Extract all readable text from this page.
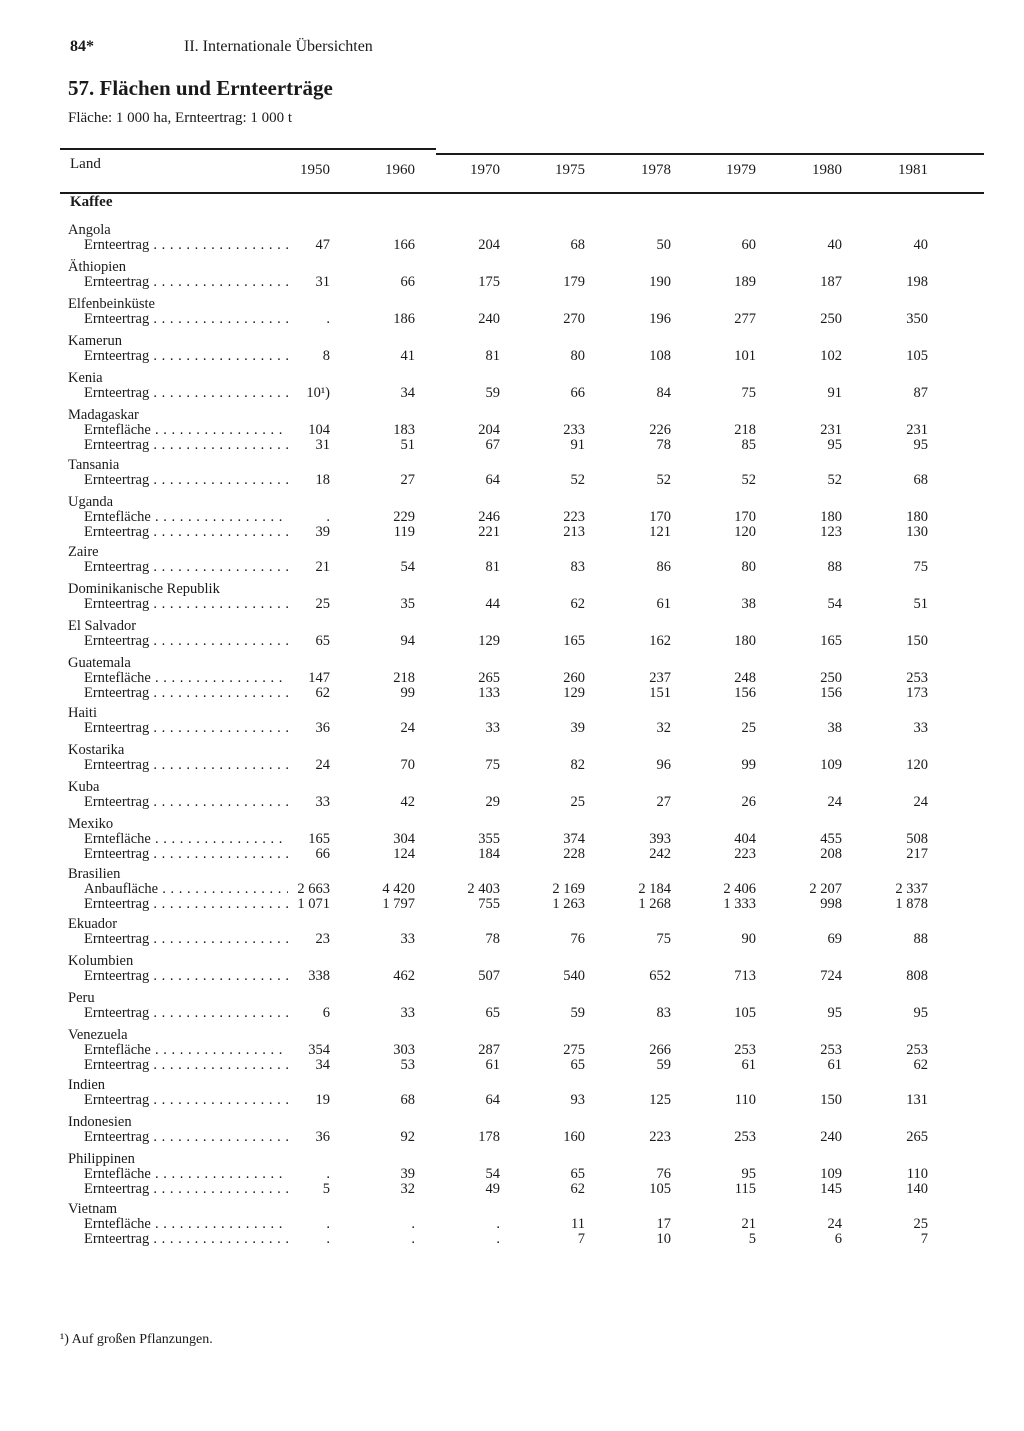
84*	II. Internationale Übersichten
57. Flächen und Ernteerträge
Fläche: 1 000 ha, Ernteertrag: 1 000 t
Land	1950	1960	1970	1975	1978	1979	1980	1981
Kaffee
Angola
Ernteertrag . . .	47	166	204	68	50	60	40	40
Äthiopien
Ernteertrag . . .	31	66	175	179	190	189	187	198
Elfenbeinküste
Ernteertrag . . .	.	186	240	270	196	277	250	350
Kamerun
Ernteertrag . . .	8	41	81	80	108	101	102	105
Kenia
Ernteertrag . . .	10¹)	34	59	66	84	75	91	87
Madagaskar
Erntefläche . . .	104	183	204	233	226	218	231	231
Ernteertrag . . .	31	51	67	91	78	85	95	95
Tansania
Ernteertrag . . .	18	27	64	52	52	52	52	68
Uganda
Erntefläche . . .	.	229	246	223	170	170	180	180
Ernteertrag . . .	39	119	221	213	121	120	123	130
Zaire
Ernteertrag . . .	21	54	81	83	86	80	88	75
Dominikanische Republik
Ernteertrag . . .	25	35	44	62	61	38	54	51
El Salvador
Ernteertrag . . .	65	94	129	165	162	180	165	150
Guatemala
Erntefläche . . .	147	218	265	260	237	248	250	253
Ernteertrag . . .	62	99	133	129	151	156	156	173
Haiti
Ernteertrag . . .	36	24	33	39	32	25	38	33
Kostarika
Ernteertrag . . .	24	70	75	82	96	99	109	120
Kuba
Ernteertrag . . .	33	42	29	25	27	26	24	24
Mexiko
Erntefläche . . .	165	304	355	374	393	404	455	508
Ernteertrag . . .	66	124	184	228	242	223	208	217
Brasilien
Anbaufläche . . .	2 663	4 420	2 403	2 169	2 184	2 406	2 207	2 337
Ernteertrag . . .	1 071	1 797	755	1 263	1 268	1 333	998	1 878
Ekuador
Ernteertrag . . .	23	33	78	76	75	90	69	88
Kolumbien
Ernteertrag . . .	338	462	507	540	652	713	724	808
Peru
Ernteertrag . . .	6	33	65	59	83	105	95	95
Venezuela
Erntefläche . . .	354	303	287	275	266	253	253	253
Ernteertrag . . .	34	53	61	65	59	61	61	62
Indien
Ernteertrag . . .	19	68	64	93	125	110	150	131
Indonesien
Ernteertrag . . .	36	92	178	160	223	253	240	265
Philippinen
Erntefläche . . .	.	39	54	65	76	95	109	110
Ernteertrag . . .	5	32	49	62	105	115	145	140
Vietnam
Erntefläche . . .	.	.	.	11	17	21	24	25
Ernteertrag . . .	.	.	.	7	10	5	6	7
¹) Auf großen Pflanzungen.
